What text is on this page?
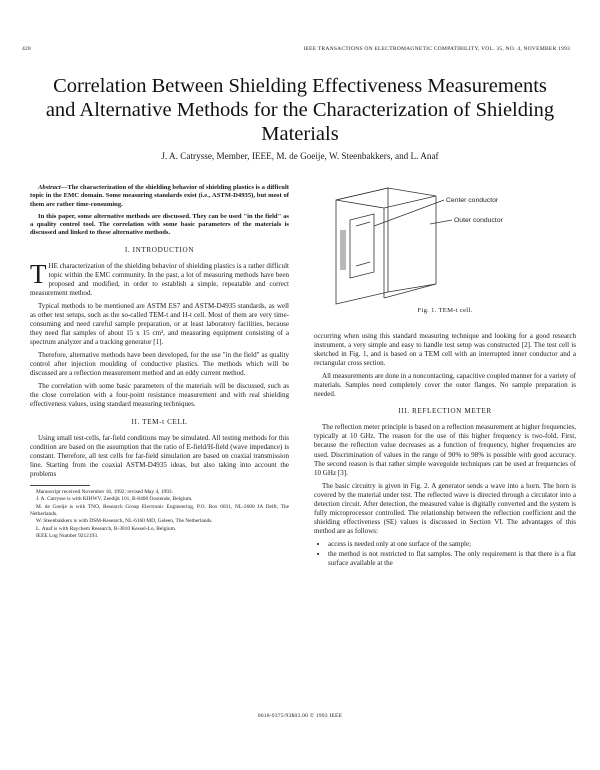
428	IEEE TRANSACTIONS ON ELECTROMAGNETIC COMPATIBILITY, VOL. 35, NO. 4, NOVEMBER 1993
Correlation Between Shielding Effectiveness Measurements and Alternative Methods for the Characterization of Shielding Materials
J. A. Catrysse, Member, IEEE, M. de Goeije, W. Steenbakkers, and L. Anaf

Abstract—The characterization of the shielding behavior of shielding plastics is a difficult topic in the EMC domain. Some measuring standards exist (i.e., ASTM-D4935), but most of them are rather time-consuming.

In this paper, some alternative methods are discussed. They can be used "in the field" as a quality control tool. The correlation with some basic parameters of the materials is discussed and linked to these alternative methods.

I. INTRODUCTION

THE characterization of the shielding behavior of shielding plastics is a rather difficult topic within the EMC community. In the past, a lot of measuring methods have been proposed and modified, in order to establish a simple, repeatable and correct measurement method.

Typical methods to be mentioned are ASTM ES7 and ASTM-D4935 standards, as well as other test setups, such as the so-called TEM-t and H-t cell. Most of them are very time-consuming and need careful sample preparation, or at least laboratory facilities, because they need flat samples of about 15 x 15 cm², and measuring equipment consisting of a spectrum analyzer and a tracking generator [1].

Therefore, alternative methods have been developed, for the use "in the field" as quality control after injection moulding of conductive plastics. The methods which will be discussed are a reflection measurement method and an eddy current method.

The correlation with some basic parameters of the materials will be discussed, such as the close correlation with a four-point resistance measurement and with real shielding effectiveness values, using standard measuring techniques.

II. TEM-t CELL

Using small test-cells, far-field conditions may be simulated. All testing methods for this condition are based on the assumption that the ratio of E-field/H-field (wave impedance) is constant. Therefore, all test cells for far-field simulation are based on coaxial transmission line. Starting from the coaxial ASTM-D4935 ideas, but also taking into account the problems

Manuscript received November 18, 1992; revised May 4, 1993.

J. A. Catrysse is with KIHWV, Zeedijk 101, B-8400 Oostende, Belgium.

M. de Goeije is with TNO, Research Group Electronic Engineering, P.O. Box 6031, NL-2600 JA Delft, The Netherlands.

W. Steenbakkers is with DSM-Research, NL-6160 MD, Geleen, The Netherlands.

L. Anaf is with Raychem Research, B-3010 Kessel-Lo, Belgium.

IEEE Log Number 9212193.

Center conductor
Outer conductor
Fig. 1. TEM-t cell.

occurring when using this standard measuring technique and looking for a good research instrument, a very simple and easy to handle test setup was constructed [2]. The test cell is sketched in Fig. 1, and is based on a TEM cell with an interrupted inner conductor and a rectangular cross section.

All measurements are done in a noncontacting, capacitive coupled manner for a variety of materials. Samples need completely cover the outer flanges. No sample preparation is needed.

III. REFLECTION METER

The reflection meter principle is based on a reflection measurement at higher frequencies, typically at 10 GHz. The reason for the use of this higher frequency is two-fold. First, because the reflection value decreases as a function of frequency, higher frequencies are used. Discrimination of values in the range of 90% to 98% is possible with good accuracy. The second reason is that rather simple waveguide techniques can be used at frequencies of 10 GHz [3].

The basic circuitry is given in Fig. 2. A generator sends a wave into a horn. The horn is covered by the material under test. The reflected wave is directed through a circulator into a detection circuit. After detection, the measured value is digitally converted and the system is fully microprocessor controlled. The relationship between the reflection coefficient and the shielding effectiveness (SE) values is discussed in Section VI. The advantages of this method are as follows:

• access is needed only at one surface of the sample;
• the method is not restricted to flat samples. The only requirement is that there is a flat surface available at the
0018-9375/93$03.00 © 1993 IEEE
